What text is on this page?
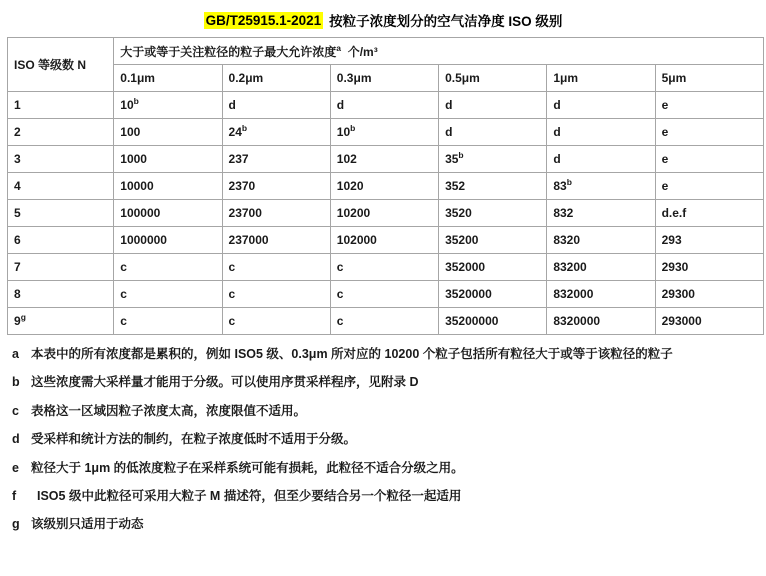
GB/T25915.1-2021 按粒子浓度划分的空气洁净度 ISO 级别
ISO 等级数 N	大于或等于关注粒径的粒子最大允许浓度$^a$ 个/m³					
	0.1μm	0.2μm	0.3μm	0.5μm	1μm	5μm
1	10$^b$	d	d	d	d	e
2	100	24$^b$	10$^b$	d	d	e
3	1000	237	102	35$^b$	d	e
4	10000	2370	1020	352	83$^b$	e
5	100000	23700	10200	3520	832	d.e.f
6	1000000	237000	102000	35200	8320	293
7	c	c	c	352000	83200	2930
8	c	c	c	3520000	832000	29300
9$^g$	c	c	c	35200000	8320000	293000
a 本表中的所有浓度都是累积的，例如 ISO5 级、0.3μm 所对应的 10200 个粒子包括所有粒径大于或等于该粒径的粒子
b 这些浓度需大采样量才能用于分级。可以使用序贯采样程序，见附录 D
c 表格这一区域因粒子浓度太高，浓度限值不适用。
d 受采样和统计方法的制约，在粒子浓度低时不适用于分级。
e 粒径大于 1μm 的低浓度粒子在采样系统可能有损耗，此粒径不适合分级之用。
f	ISO5 级中此粒径可采用大粒子 M 描述符，但至少要结合另一个粒径一起适用
g 该级别只适用于动态
